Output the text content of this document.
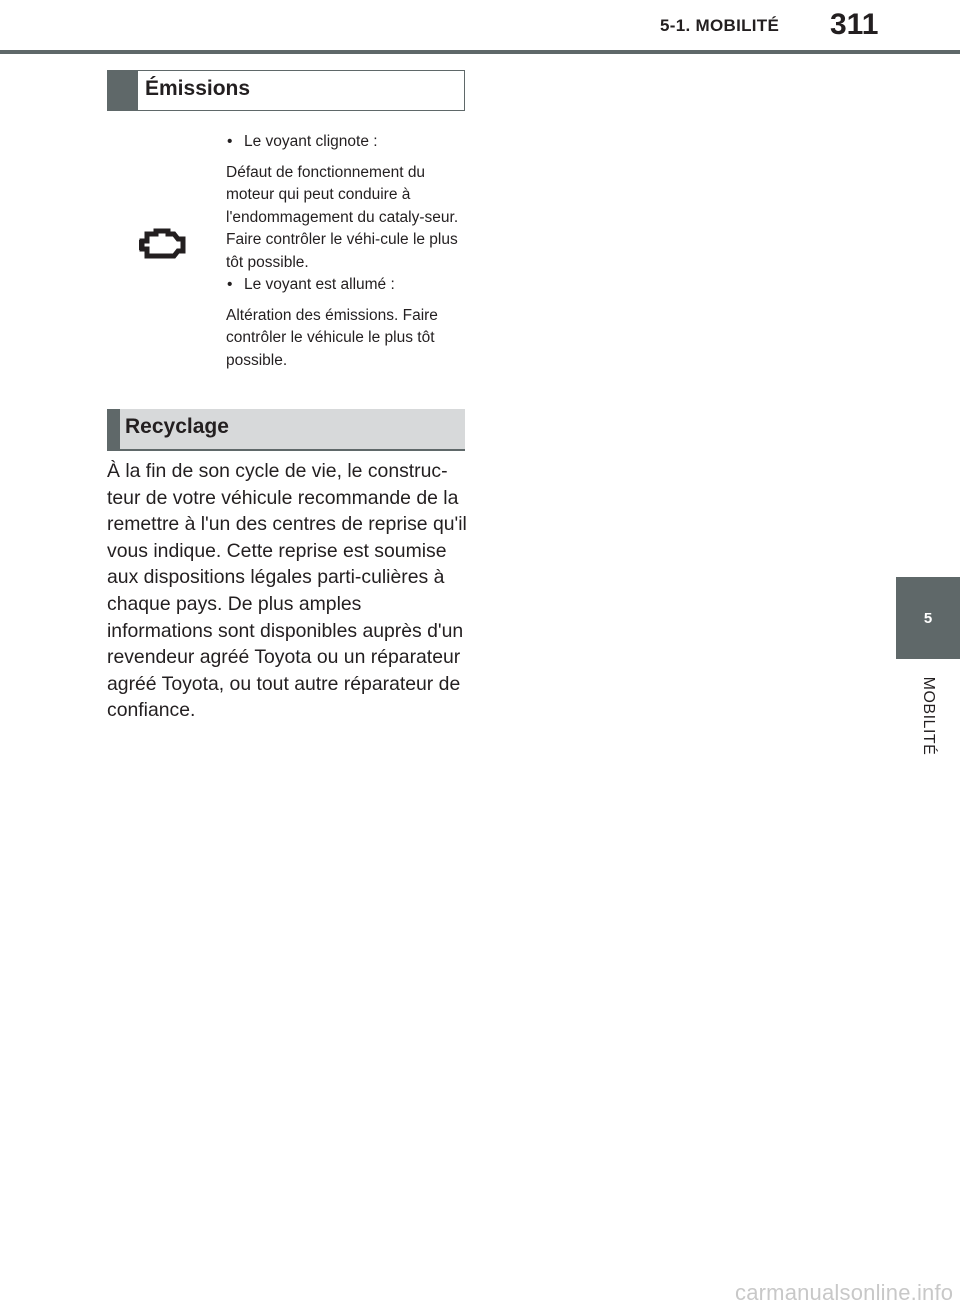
5-1. MOBILITÉ 311
5
MOBILITÉ
Émissions

• Le voyant clignote :

Défaut de fonctionnement du moteur qui peut conduire à l'endommagement du cataly-seur. Faire contrôler le véhi-cule le plus tôt possible.

• Le voyant est allumé :

Altération des émissions. Faire contrôler le véhicule le plus tôt possible.

Recyclage

À la fin de son cycle de vie, le construc-teur de votre véhicule recommande de la remettre à l'un des centres de reprise qu'il vous indique. Cette reprise est soumise aux dispositions légales parti-culières à chaque pays. De plus amples informations sont disponibles auprès d'un revendeur agréé Toyota ou un réparateur agréé Toyota, ou tout autre réparateur de confiance.

carmanualsonline.info
